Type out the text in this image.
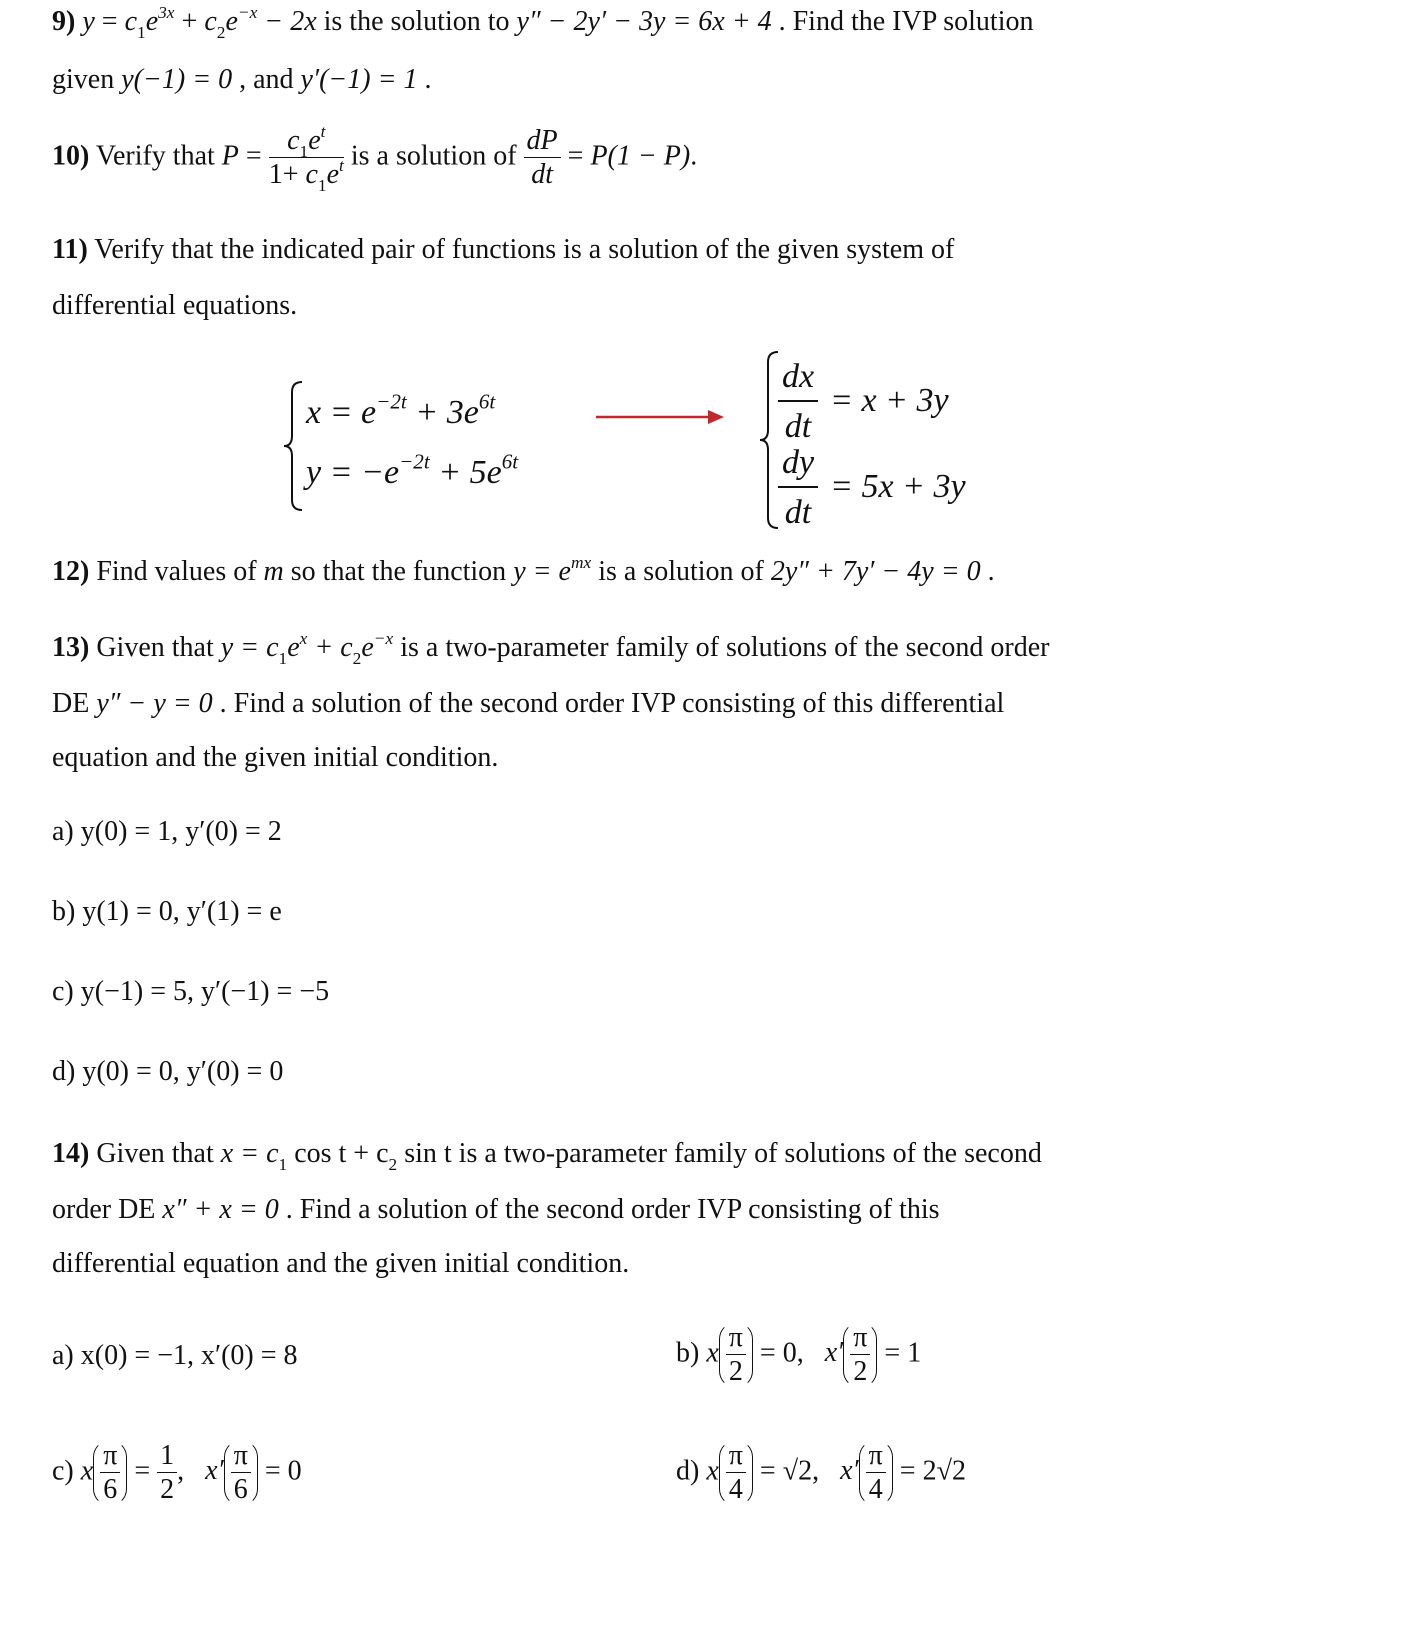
9) $y = c_1e^{3x} + c_2e^{-x} - 2x$ is the solution to y″ − 2y′ − 3y = 6x + 4 . Find the IVP solution
given y(−1) = 0 , and y′(−1) = 1 .
10) Verify that $P = \frac{c_1e^t}{1+ c_1e^t}$ is a solution of $\frac{dP}{dt} = P(1 - P)$.
11) Verify that the indicated pair of functions is a solution of the given system of
differential equations.
$x = e^{-2t} + 3e^{6t}$
$y = -e^{-2t} + 5e^{6t}$
dx
dt
= x + 3y
dy
dt
= 5x + 3y
12) Find values of m so that the function $y = e^{mx}$ is a solution of 2y″ + 7y′ − 4y = 0 .
13) Given that $y = c_1e^x + c_2e^{-x}$ is a two-parameter family of solutions of the second order
DE y″ − y = 0 . Find a solution of the second order IVP consisting of this differential
equation and the given initial condition.
a) y(0) = 1, y′(0) = 2
b) y(1) = 0, y′(1) = e
c) y(−1) = 5, y′(−1) = −5
d) y(0) = 0, y′(0) = 0
14) Given that $x = c_1$ $\cos t + c_2$ sin t is a two-parameter family of solutions of the second
order DE x″ + x = 0 . Find a solution of the second order IVP consisting of this
differential equation and the given initial condition.
a) x(0) = −1, x′(0) = 8	b) x $\frac{\pi}{2} = 0$, $x' \frac{\pi}{2} = 1$
c) x $\frac{\pi}{6} = \frac{1}{2}$ , $x' \frac{\pi}{6} = 0$	d) x $\frac{\pi}{4} = √2$, $x' \frac{\pi}{4} = 2√2$
